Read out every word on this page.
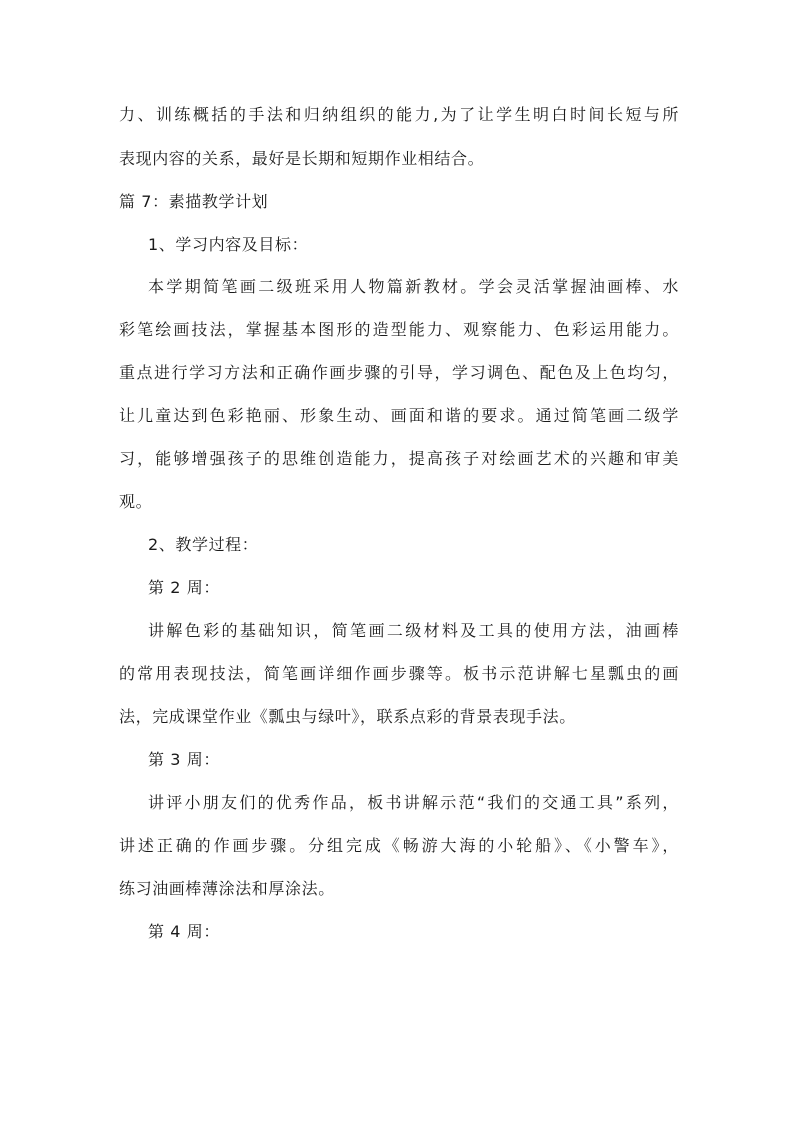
力、训练概括的手法和归纳组织的能力,为了让学生明白时间长短与所
表现内容的关系，最好是长期和短期作业相结合。
篇 7：素描教学计划
1、学习内容及目标：
本学期简笔画二级班采用人物篇新教材。学会灵活掌握油画棒、水
彩笔绘画技法，掌握基本图形的造型能力、观察能力、色彩运用能力。
重点进行学习方法和正确作画步骤的引导，学习调色、配色及上色均匀，
让儿童达到色彩艳丽、形象生动、画面和谐的要求。通过简笔画二级学
习，能够增强孩子的思维创造能力，提高孩子对绘画艺术的兴趣和审美
观。
2、教学过程：
第 2 周：
讲解色彩的基础知识，简笔画二级材料及工具的使用方法，油画棒
的常用表现技法，简笔画详细作画步骤等。板书示范讲解七星瓢虫的画
法，完成课堂作业《瓢虫与绿叶》，联系点彩的背景表现手法。
第 3 周：
讲评小朋友们的优秀作品，板书讲解示范“我们的交通工具”系列，
讲述正确的作画步骤。分组完成《畅游大海的小轮船》、《小警车》，
练习油画棒薄涂法和厚涂法。
第 4 周：
